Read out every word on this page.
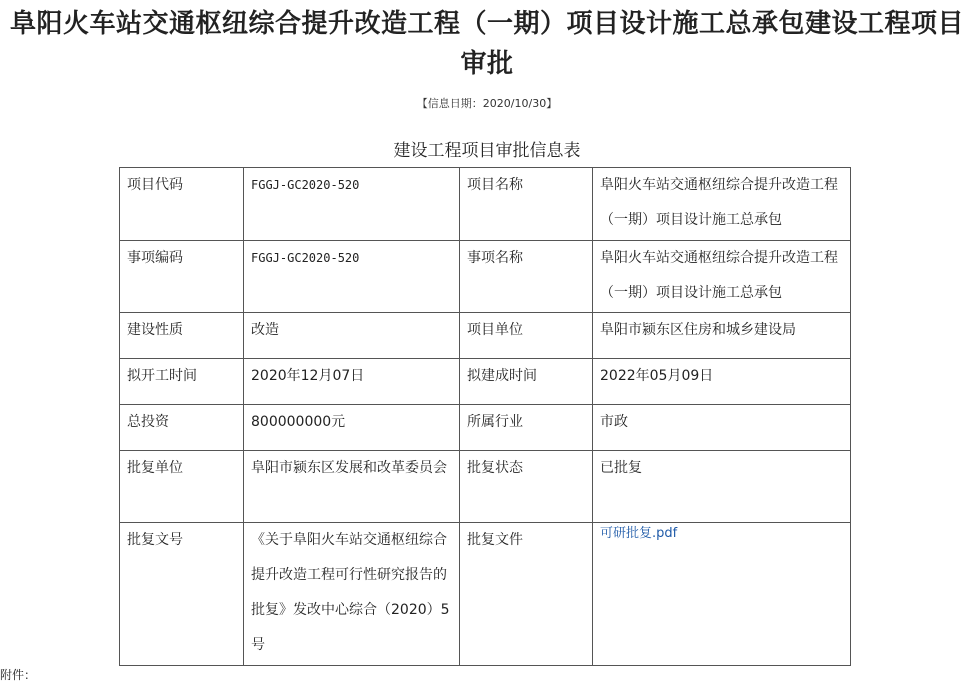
阜阳火车站交通枢纽综合提升改造工程（一期）项目设计施工总承包建设工程项目审批
【信息日期：2020/10/30】
建设工程项目审批信息表
项目代码	FGGJ-GC2020-520	项目名称	阜阳火车站交通枢纽综合提升改造工程（一期）项目设计施工总承包
事项编码	FGGJ-GC2020-520	事项名称	阜阳火车站交通枢纽综合提升改造工程（一期）项目设计施工总承包
建设性质	改造	项目单位	阜阳市颍东区住房和城乡建设局
拟开工时间	2020年12月07日	拟建成时间	2022年05月09日
总投资	800000000元	所属行业	市政
批复单位	阜阳市颍东区发展和改革委员会	批复状态	已批复
批复文号	《关于阜阳火车站交通枢纽综合提升改造工程可行性研究报告的批复》发改中心综合（2020）5号	批复文件	可研批复.pdf
附件：
